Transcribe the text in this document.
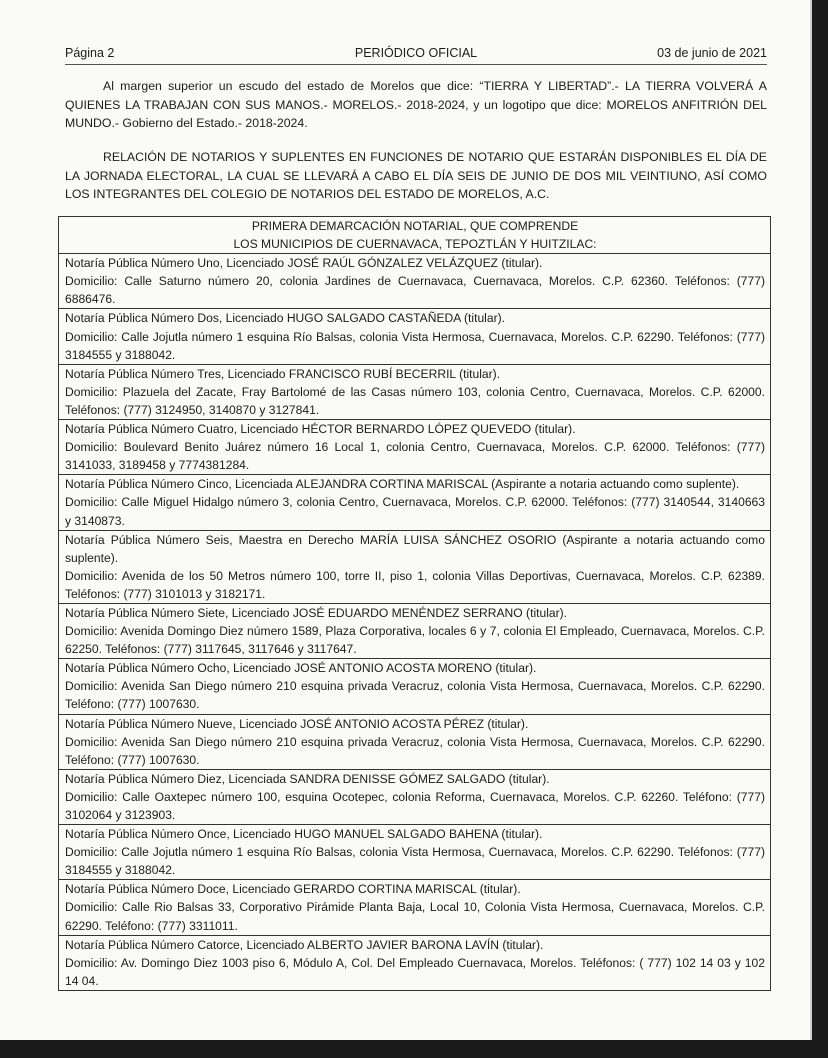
Página 2	PERIÓDICO OFICIAL	03 de junio de 2021

Al margen superior un escudo del estado de Morelos que dice: “TIERRA Y LIBERTAD”.- LA TIERRA VOLVERÁ A QUIENES LA TRABAJAN CON SUS MANOS.- MORELOS.- 2018-2024, y un logotipo que dice: MORELOS ANFITRIÓN DEL MUNDO.- Gobierno del Estado.- 2018-2024.

RELACIÓN DE NOTARIOS Y SUPLENTES EN FUNCIONES DE NOTARIO QUE ESTARÁN DISPONIBLES EL DÍA DE LA JORNADA ELECTORAL, LA CUAL SE LLEVARÁ A CABO EL DÍA SEIS DE JUNIO DE DOS MIL VEINTIUNO, ASÍ COMO LOS INTEGRANTES DEL COLEGIO DE NOTARIOS DEL ESTADO DE MORELOS, A.C.

PRIMERA DEMARCACIÓN NOTARIAL, QUE COMPRENDE
LOS MUNICIPIOS DE CUERNAVACA, TEPOZTLÁN Y HUITZILAC:

Notaría Pública Número Uno, Licenciado JOSÉ RAÚL GÓNZALEZ VELÁZQUEZ (titular).
Domicilio: Calle Saturno número 20, colonia Jardines de Cuernavaca, Cuernavaca, Morelos. C.P. 62360. Teléfonos: (777) 6886476.

Notaría Pública Número Dos, Licenciado HUGO SALGADO CASTAÑEDA (titular).
Domicilio: Calle Jojutla número 1 esquina Río Balsas, colonia Vista Hermosa, Cuernavaca, Morelos. C.P. 62290. Teléfonos: (777) 3184555 y 3188042.

Notaría Pública Número Tres, Licenciado FRANCISCO RUBÍ BECERRIL (titular).
Domicilio: Plazuela del Zacate, Fray Bartolomé de las Casas número 103, colonia Centro, Cuernavaca, Morelos. C.P. 62000. Teléfonos: (777) 3124950, 3140870 y 3127841.

Notaría Pública Número Cuatro, Licenciado HÉCTOR BERNARDO LÓPEZ QUEVEDO (titular).
Domicilio: Boulevard Benito Juárez número 16 Local 1, colonia Centro, Cuernavaca, Morelos. C.P. 62000. Teléfonos: (777) 3141033, 3189458 y 7774381284.

Notaría Pública Número Cinco, Licenciada ALEJANDRA CORTINA MARISCAL (Aspirante a notaria actuando como suplente).
Domicilio: Calle Miguel Hidalgo número 3, colonia Centro, Cuernavaca, Morelos. C.P. 62000. Teléfonos: (777) 3140544, 3140663 y 3140873.

Notaría Pública Número Seis, Maestra en Derecho MARÍA LUISA SÁNCHEZ OSORIO (Aspirante a notaria actuando como suplente).
Domicilio: Avenida de los 50 Metros número 100, torre II, piso 1, colonia Villas Deportivas, Cuernavaca, Morelos. C.P. 62389. Teléfonos: (777) 3101013 y 3182171.

Notaría Pública Número Siete, Licenciado JOSÉ EDUARDO MENÉNDEZ SERRANO (titular).
Domicilio: Avenida Domingo Diez número 1589, Plaza Corporativa, locales 6 y 7, colonia El Empleado, Cuernavaca, Morelos. C.P. 62250. Teléfonos: (777) 3117645, 3117646 y 3117647.

Notaría Pública Número Ocho, Licenciado JOSÉ ANTONIO ACOSTA MORENO (titular).
Domicilio: Avenida San Diego número 210 esquina privada Veracruz, colonia Vista Hermosa, Cuernavaca, Morelos. C.P. 62290. Teléfono: (777) 1007630.

Notaría Pública Número Nueve, Licenciado JOSÉ ANTONIO ACOSTA PÉREZ (titular).
Domicilio: Avenida San Diego número 210 esquina privada Veracruz, colonia Vista Hermosa, Cuernavaca, Morelos. C.P. 62290. Teléfono: (777) 1007630.

Notaría Pública Número Diez, Licenciada SANDRA DENISSE GÓMEZ SALGADO (titular).
Domicilio: Calle Oaxtepec número 100, esquina Ocotepec, colonia Reforma, Cuernavaca, Morelos. C.P. 62260. Teléfono: (777) 3102064 y 3123903.

Notaría Pública Número Once, Licenciado HUGO MANUEL SALGADO BAHENA (titular).
Domicilio: Calle Jojutla número 1 esquina Río Balsas, colonia Vista Hermosa, Cuernavaca, Morelos. C.P. 62290. Teléfonos: (777) 3184555 y 3188042.

Notaría Pública Número Doce, Licenciado GERARDO CORTINA MARISCAL (titular).
Domicilio: Calle Rio Balsas 33, Corporativo Pirámide Planta Baja, Local 10, Colonia Vista Hermosa, Cuernavaca, Morelos. C.P. 62290. Teléfono: (777) 3311011.

Notaría Pública Número Catorce, Licenciado ALBERTO JAVIER BARONA LAVÍN (titular).
Domicilio: Av. Domingo Diez 1003 piso 6, Módulo A, Col. Del Empleado Cuernavaca, Morelos. Teléfonos: ( 777) 102 14 03 y 102 14 04.
